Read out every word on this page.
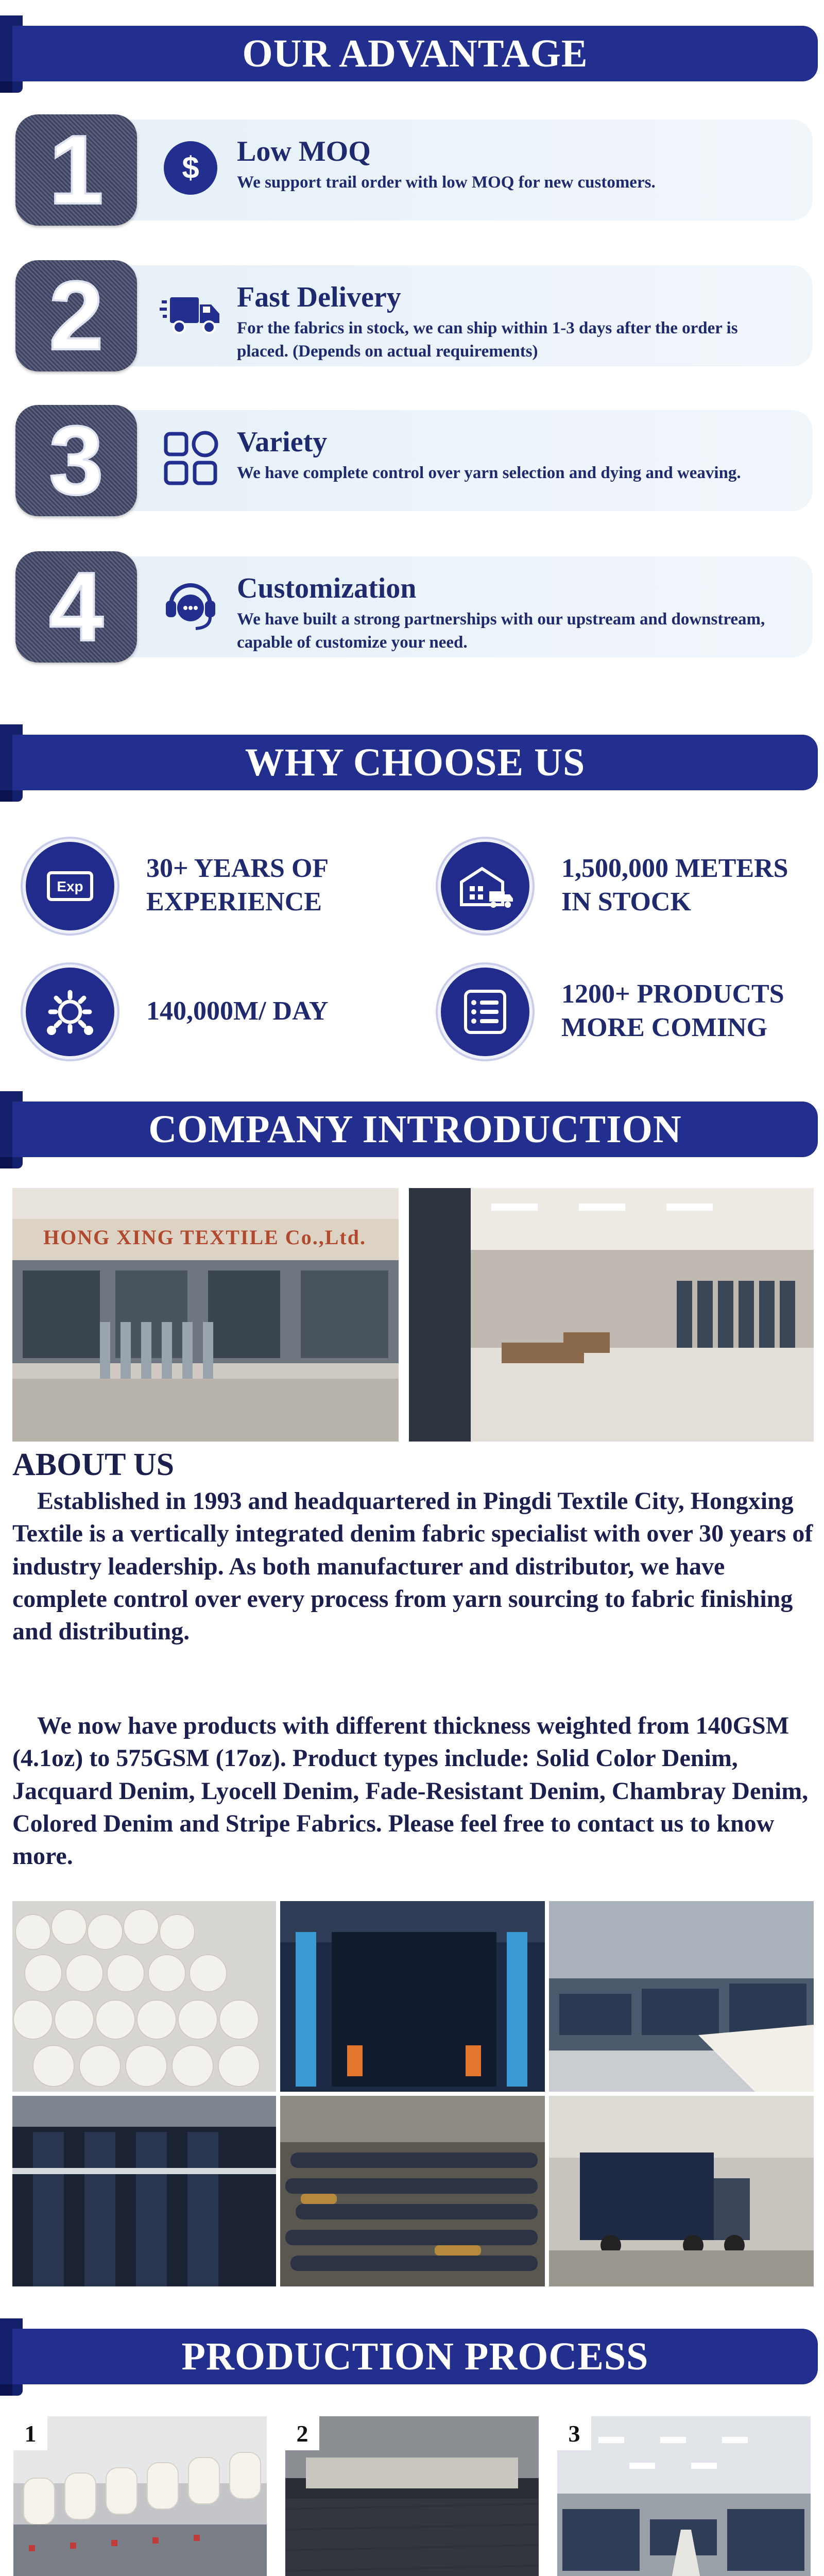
OUR ADVANTAGE
1	$ Low MOQ
We support trail order with low MOQ for new customers.
2	Fast Delivery
For the fabrics in stock, we can ship within 1-3 days after the order is placed. (Depends on actual requirements)
3	Variety
We have complete control over yarn selection and dying and weaving.
4	Customization
We have built a strong partnerships with our upstream and downstream, capable of customize your need.
WHY CHOOSE US
Exp
30+ YEARS OF EXPERIENCE
1,500,000 METERS IN STOCK
140,000M/ DAY
1200+ PRODUCTS MORE COMING
COMPANY INTRODUCTION
HONG XING TEXTILE Co.,Ltd.
ABOUT US

Established in 1993 and headquartered in Pingdi Textile City, Hongxing Textile is a vertically integrated denim fabric specialist with over 30 years of industry leadership. As both manufacturer and distributor, we have complete control over every process from yarn sourcing to fabric finishing and distributing.

We now have products with different thickness weighted from 140GSM (4.1oz) to 575GSM (17oz). Product types include: Solid Color Denim, Jacquard Denim, Lyocell Denim, Fade-Resistant Denim, Chambray Denim, Colored Denim and Stripe Fabrics. Please feel free to contact us to know more.

PRODUCTION PROCESS
1	2	3
